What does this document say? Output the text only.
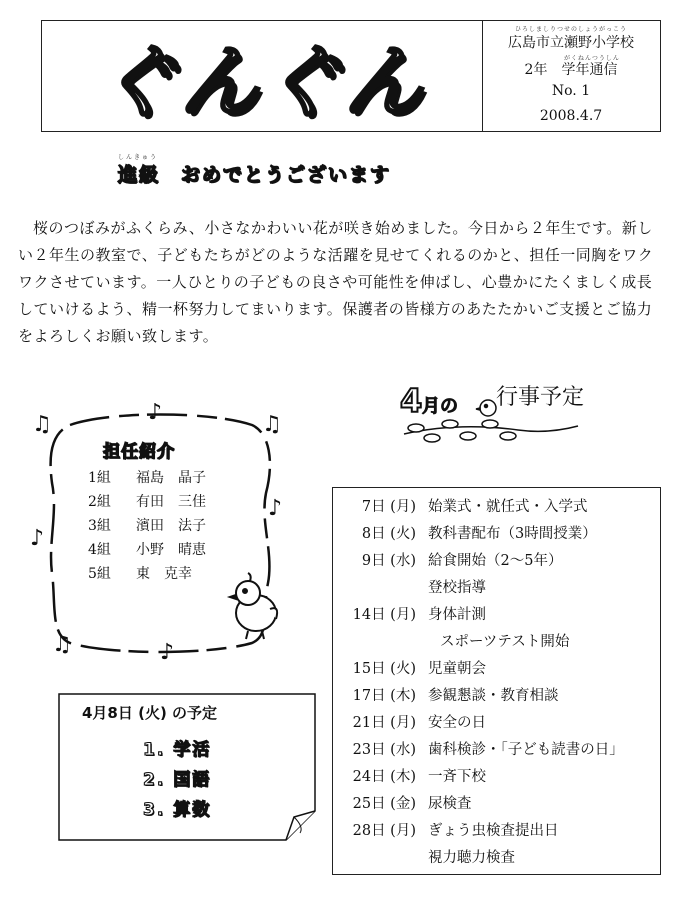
ぐんぐん
ひろしましりつせのしょうがっこう
広島市立瀬野小学校
がくねんつうしん
2年　学年通信
No. 1
2008.4.7
しんきゅう
進級　おめでとうございます
桜のつぼみがふくらみ、小さなかわいい花が咲き始めました。今日から２年生です。新しい２年生の教室で、子どもたちがどのような活躍を見せてくれるのかと、担任一同胸をワクワクさせています。一人ひとりの子どもの良さや可能性を伸ばし、心豊かにたくましく成長していけるよう、精一杯努力してまいります。保護者の皆様方のあたたかいご支援とご協力をよろしくお願い致します。
♫	♪	♫
♪
♪
♫	♪
担任紹介
1組	福島　晶子
2組	有田　三佳
3組	濱田　法子
4組	小野　晴恵
5組	東　克幸
4 月の 行事予定
7日 (月) 始業式・就任式・入学式
8日 (火) 教科書配布（3時間授業）
9日 (水) 給食開始（2～5年）
登校指導
14日 (月) 身体計測
スポーツテスト開始
15日 (火) 児童朝会
17日 (木) 参観懇談・教育相談
21日 (月) 安全の日
23日 (水) 歯科検診・「子ども読書の日」
24日 (木) 一斉下校
25日 (金) 尿検査
28日 (月) ぎょう虫検査提出日
視力聴力検査
4月8日 (火) の予定
1. 学活
2. 国語
3. 算数
